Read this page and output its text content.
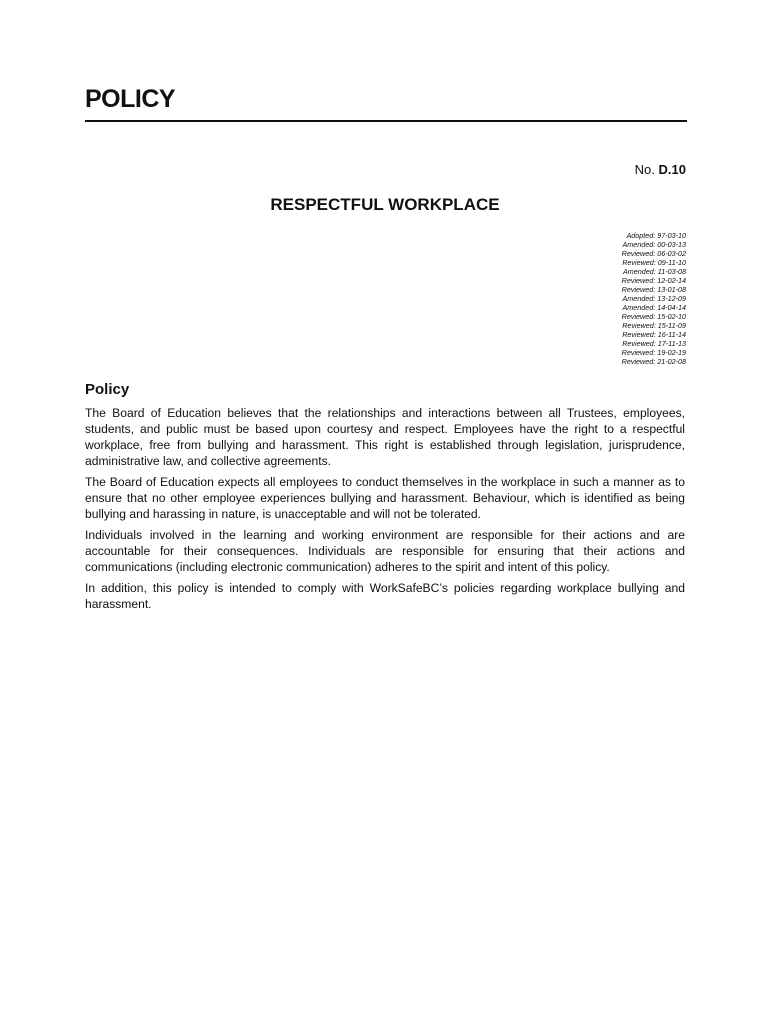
POLICY
No. D.10
RESPECTFUL WORKPLACE
Adopted: 97-03-10
Amended: 00-03-13
Reviewed: 06-03-02
Reviewed: 09-11-10
Amended: 11-03-08
Reviewed: 12-02-14
Reviewed: 13-01-08
Amended: 13-12-09
Amended: 14-04-14
Reviewed: 15-02-10
Reviewed: 15-11-09
Reviewed: 16-11-14
Reviewed: 17-11-13
Reviewed: 19-02-19
Reviewed: 21-02-08
Policy

The Board of Education believes that the relationships and interactions between all Trustees, employees, students, and public must be based upon courtesy and respect. Employees have the right to a respectful workplace, free from bullying and harassment. This right is established through legislation, jurisprudence, administrative law, and collective agreements.

The Board of Education expects all employees to conduct themselves in the workplace in such a manner as to ensure that no other employee experiences bullying and harassment. Behaviour, which is identified as being bullying and harassing in nature, is unacceptable and will not be tolerated.

Individuals involved in the learning and working environment are responsible for their actions and are accountable for their consequences. Individuals are responsible for ensuring that their actions and communications (including electronic communication) adheres to the spirit and intent of this policy.

In addition, this policy is intended to comply with WorkSafeBC’s policies regarding workplace bullying and harassment.
